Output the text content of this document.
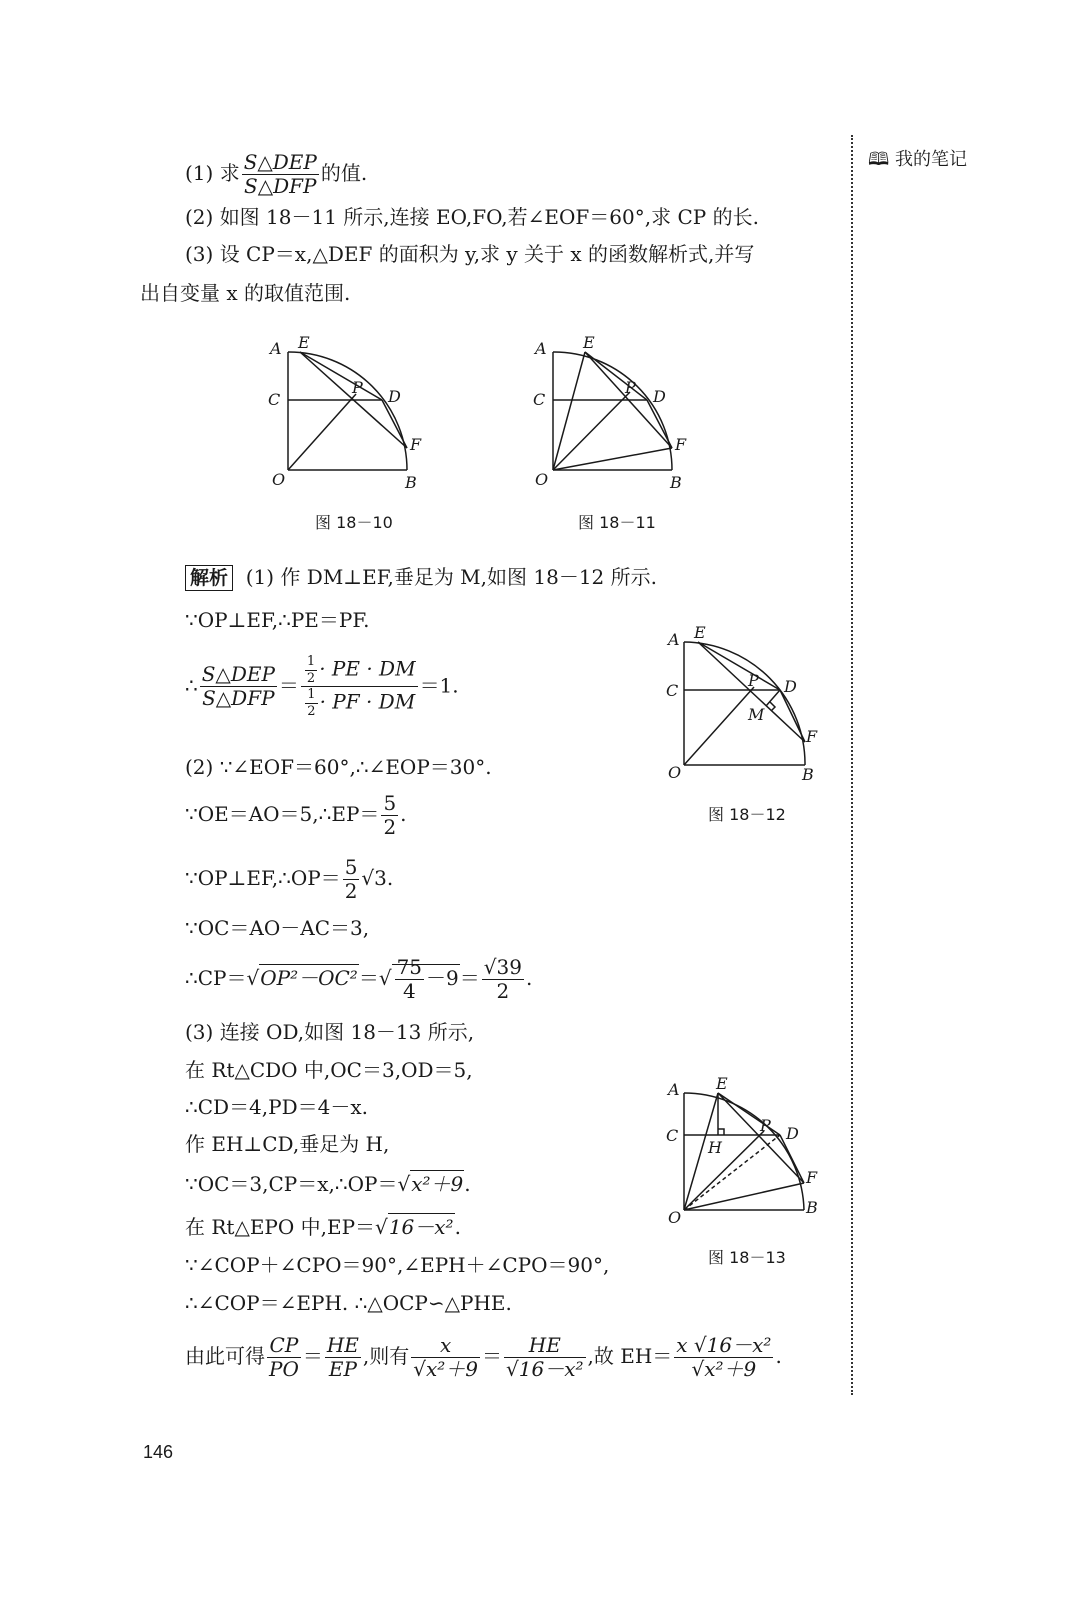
🕮 我的笔记
(1) 求 $\frac{\text{S△DEP}}{\text{S△DFP}}$ 的值.
(2) 如图 18－11 所示,连接 EO,FO,若∠EOF＝60°,求 CP 的长.
(3) 设 CP＝x,△DEF 的面积为 y,求 y 关于 x 的函数解析式,并写
出自变量 x 的取值范围.
A E
C
P D
F
O	B
图 18－10
A E
C
P D
F
O	B
图 18－11
解析 (1) 作 DM⊥EF,垂足为 M,如图 18－12 所示.
∵OP⊥EF,∴PE＝PF.
∴ $\frac{\text{S△DEP}}{\text{S△DFP}} = \frac{\frac{1}{2} \cdot PE \cdot DM}{\frac{1}{2} \cdot PF \cdot DM} =1$.
(2) ∵∠EOF＝60°,∴∠EOP＝30°.
∵OE＝AO＝5,∴EP＝ $\frac{5}{2}$ .
∵OP⊥EF,∴OP＝ $\frac{5}{2} √3$.
∵OC＝AO－AC＝3,
∴CP＝√OP²－OC²＝√ $\frac{75}{4} -9= \frac{√39}{2}$ .
(3) 连接 OD,如图 18－13 所示,
在 Rt△CDO 中,OC＝3,OD＝5,
∴CD＝4,PD＝4－x.
作 EH⊥CD,垂足为 H,
∵OC＝3,CP＝x,∴OP＝√x²＋9.
在 Rt△EPO 中,EP＝√16－x².
∵∠COP＋∠CPO＝90°,∠EPH＋∠CPO＝90°,
∴∠COP＝∠EPH. ∴△OCP∽△PHE.
由此可得 $\frac{CP}{PO} = \frac{HE}{EP}$ ,则有 $\frac{x}{\text{√x²＋9}} = \frac{HE}{\text{√16－x²}}$ ,故 $EH= \frac{\text{x √16－x²}}{\text{√x²＋9}}$ .
A E
C
P D
M
F
O	B
图 18－12
A E
C
H
P D
F
O
B
图 18－13
146
